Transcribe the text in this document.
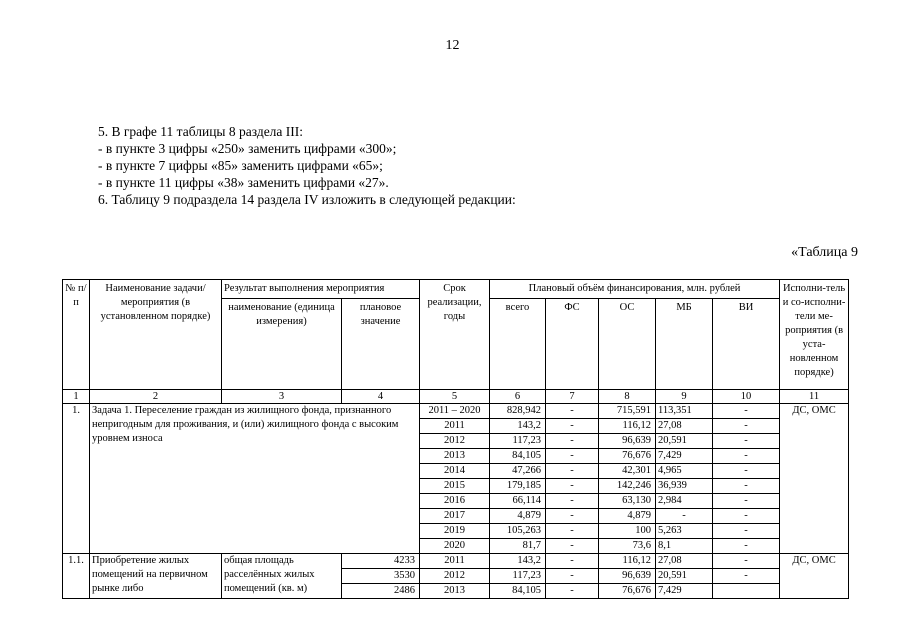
12
5. В графе 11 таблицы 8 раздела III:
- в пункте 3 цифры «250» заменить цифрами «300»;
- в пункте 7 цифры «85» заменить цифрами «65»;
- в пункте 11 цифры «38» заменить цифрами «27».
6. Таблицу 9 подраздела 14 раздела IV изложить в следующей редакции:
«Таблица 9
№ п/п	Наименование задачи/мероприятия (в установленном порядке)	Результат выполнения мероприятия		Срок реализации, годы	Плановый объём финансирования, млн. рублей					Исполни-тель и со-исполни-тели ме-роприятия (в уста-новленном порядке)
		наименование (единица измерения)	плановое значение		всего	ФС	ОС	МБ	ВИ	
1	2	3	4	5	6	7	8	9	10	11
1.	Задача 1. Переселение граждан из жилищного фонда, признанного непригодным для проживания, и (или) жилищного фонда с высоким уровнем износа			2011 – 2020	828,942	-	715,591	113,351	-	ДС, ОМС
				2011	143,2	-	116,12	27,08	-	
				2012	117,23	-	96,639	20,591	-	
				2013	84,105	-	76,676	7,429	-	
				2014	47,266	-	42,301	4,965	-	
				2015	179,185	-	142,246	36,939	-	
				2016	66,114	-	63,130	2,984	-	
				2017	4,879	-	4,879	-	-	
				2019	105,263	-	100	5,263	-	
				2020	81,7	-	73,6	8,1	-	
1.1.	Приобретение жилых помещений на первичном рынке либо	общая площадь расселённых жилых помещений (кв. м)	4233	2011	143,2	-	116,12	27,08	-	ДС, ОМС
			3530	2012	117,23	-	96,639	20,591	-	
			2486	2013	84,105	-	76,676	7,429		
